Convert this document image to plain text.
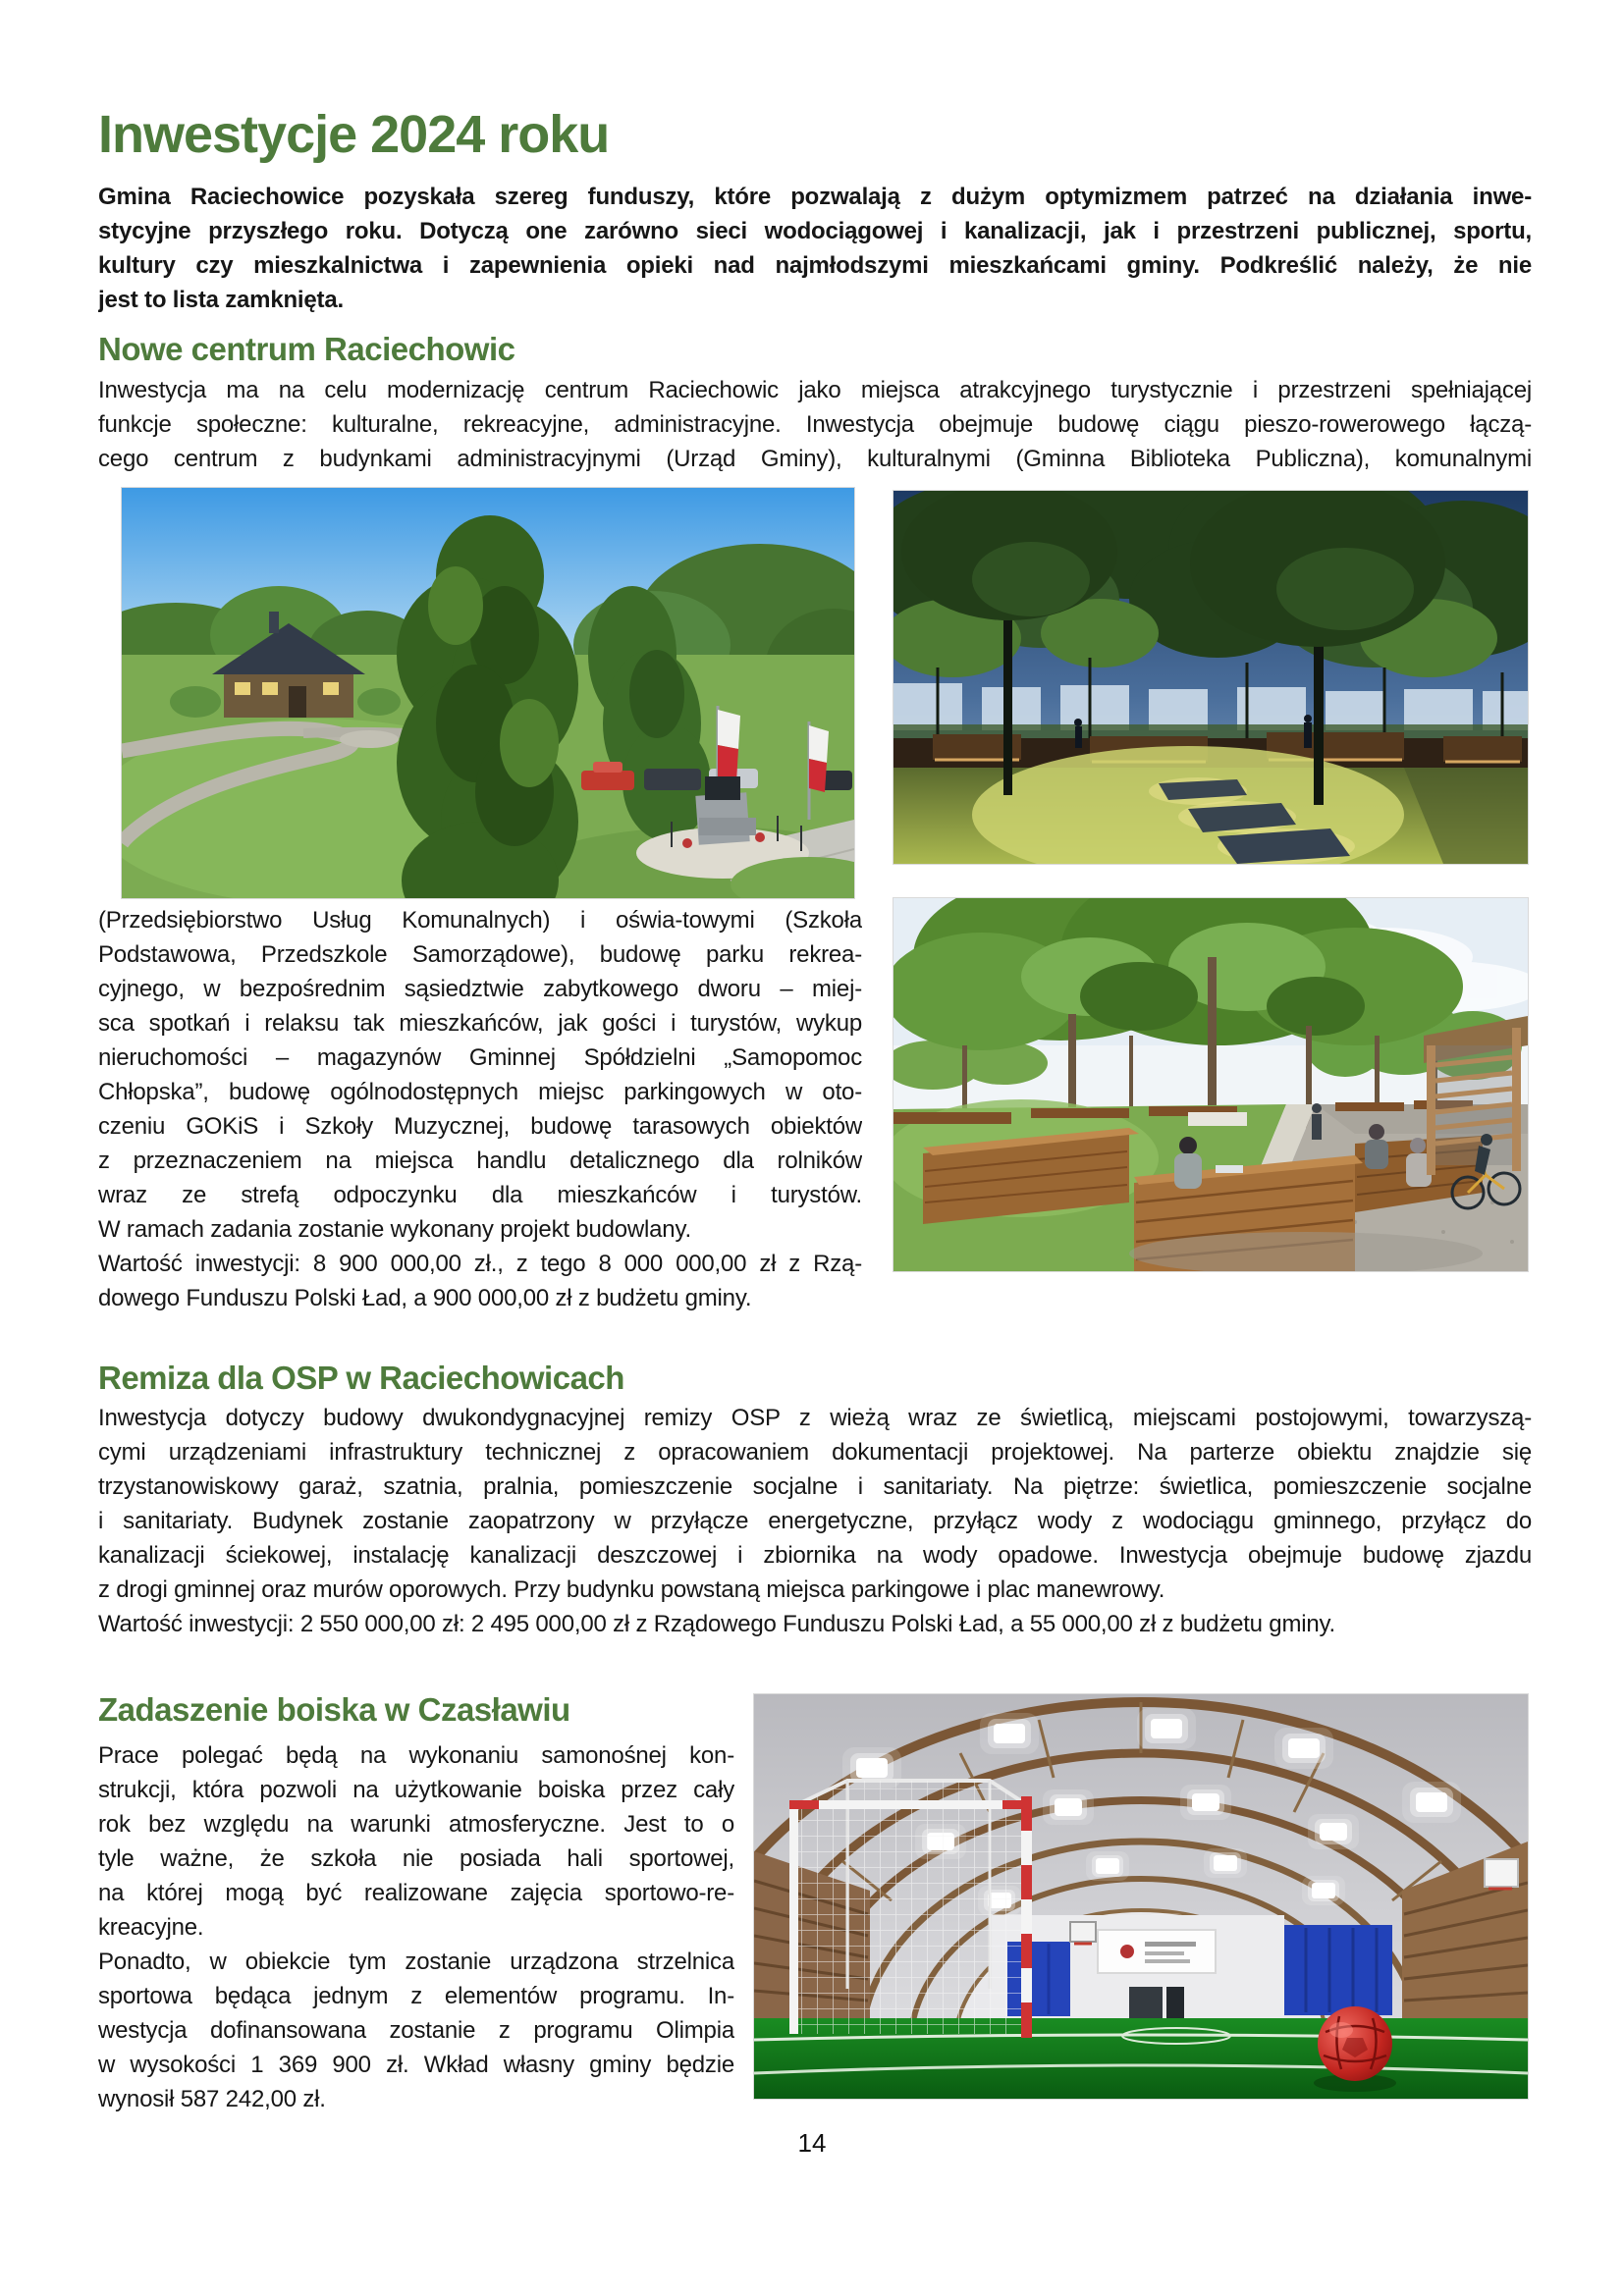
Inwestycje 2024 roku
Gmina Raciechowice pozyskała szereg funduszy, które pozwalają z dużym optymizmem patrzeć na działania inwe-
stycyjne przyszłego roku. Dotyczą one zarówno sieci wodociągowej i kanalizacji, jak i przestrzeni publicznej, sportu,
kultury czy mieszkalnictwa i zapewnienia opieki nad najmłodszymi mieszkańcami gminy. Podkreślić należy, że nie
jest to lista zamknięta.
Nowe centrum Raciechowic
Inwestycja ma na celu modernizację centrum Raciechowic jako miejsca atrakcyjnego turystycznie i przestrzeni spełniającej
funkcje społeczne: kulturalne, rekreacyjne, administracyjne. Inwestycja obejmuje budowę ciągu pieszo-rowerowego łączą-
cego centrum z budynkami administracyjnymi (Urząd Gminy), kulturalnymi (Gminna Biblioteka Publiczna), komunalnymi
(Przedsiębiorstwo Usług Komunalnych) i oświa-towymi (Szkoła
Podstawowa, Przedszkole Samorządowe), budowę parku rekrea-
cyjnego, w bezpośrednim sąsiedztwie zabytkowego dworu – miej-
sca spotkań i relaksu tak mieszkańców, jak gości i turystów, wykup
nieruchomości – magazynów Gminnej Spółdzielni „Samopomoc
Chłopska”, budowę ogólnodostępnych miejsc parkingowych w oto-
czeniu GOKiS i Szkoły Muzycznej, budowę tarasowych obiektów
z przeznaczeniem na miejsca handlu detalicznego dla rolników
wraz ze strefą odpoczynku dla mieszkańców i turystów.
W ramach zadania zostanie wykonany projekt budowlany.
Wartość inwestycji: 8 900 000,00 zł., z tego 8 000 000,00 zł z Rzą-
dowego Funduszu Polski Ład, a 900 000,00 zł z budżetu gminy.
Remiza dla OSP w Raciechowicach
Inwestycja dotyczy budowy dwukondygnacyjnej remizy OSP z wieżą wraz ze świetlicą, miejscami postojowymi, towarzyszą-
cymi urządzeniami infrastruktury technicznej z opracowaniem dokumentacji projektowej. Na parterze obiektu znajdzie się
trzystanowiskowy garaż, szatnia, pralnia, pomieszczenie socjalne i sanitariaty. Na piętrze: świetlica, pomieszczenie socjalne
i sanitariaty. Budynek zostanie zaopatrzony w przyłącze energetyczne, przyłącz wody z wodociągu gminnego, przyłącz do
kanalizacji ściekowej, instalację kanalizacji deszczowej i zbiornika na wody opadowe. Inwestycja obejmuje budowę zjazdu
z drogi gminnej oraz murów oporowych. Przy budynku powstaną miejsca parkingowe i plac manewrowy.
Wartość inwestycji: 2 550 000,00 zł: 2 495 000,00 zł z Rządowego Funduszu Polski Ład, a 55 000,00 zł z budżetu gminy.
Zadaszenie boiska w Czasławiu
Prace polegać będą na wykonaniu samonośnej kon-
strukcji, która pozwoli na użytkowanie boiska przez cały
rok bez względu na warunki atmosferyczne. Jest to o
tyle ważne, że szkoła nie posiada hali sportowej,
na której mogą być realizowane zajęcia sportowo-re-
kreacyjne.
Ponadto, w obiekcie tym zostanie urządzona strzelnica
sportowa będąca jednym z elementów programu. In-
westycja dofinansowana zostanie z programu Olimpia
w wysokości 1 369 900 zł. Wkład własny gminy będzie
wynosił 587 242,00 zł.
14
